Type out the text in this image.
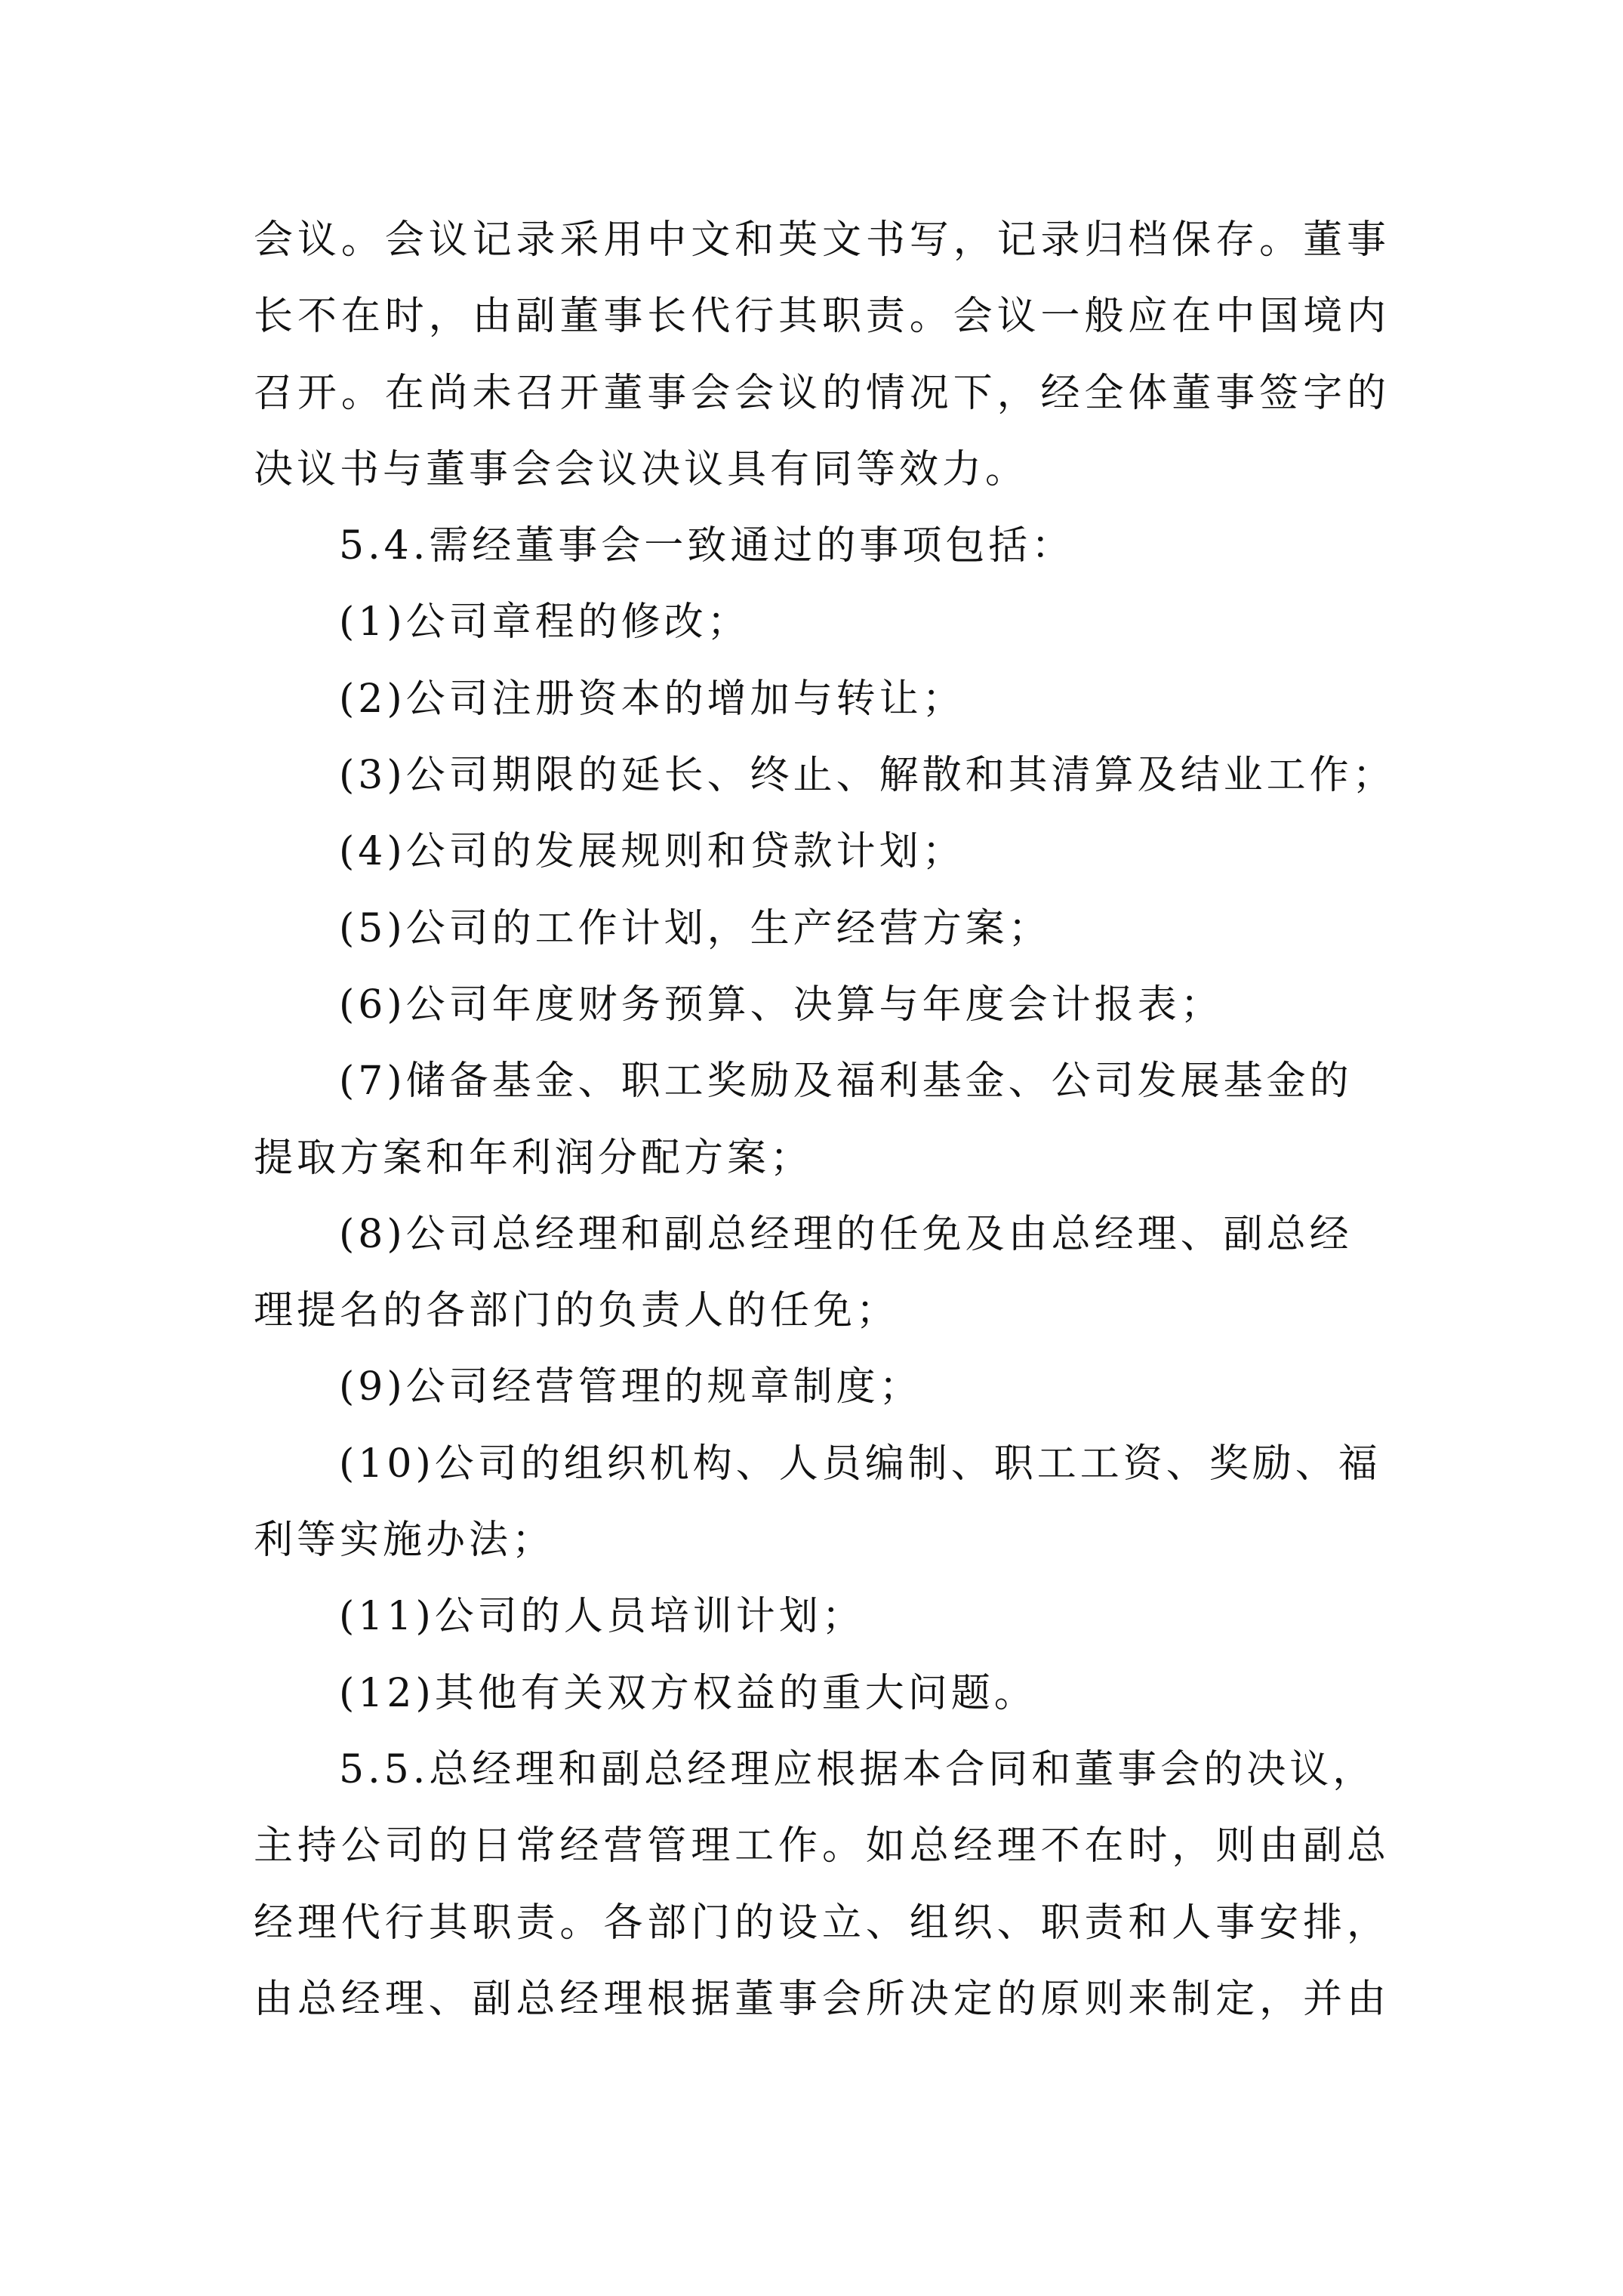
会议。会议记录采用中文和英文书写，记录归档保存。董事
长不在时，由副董事长代行其职责。会议一般应在中国境内
召开。在尚未召开董事会会议的情况下，经全体董事签字的
决议书与董事会会议决议具有同等效力。
5.4.需经董事会一致通过的事项包括：
(1)公司章程的修改；
(2)公司注册资本的增加与转让；
(3)公司期限的延长、终止、解散和其清算及结业工作；
(4)公司的发展规则和贷款计划；
(5)公司的工作计划，生产经营方案；
(6)公司年度财务预算、决算与年度会计报表；
(7)储备基金、职工奖励及福利基金、公司发展基金的
提取方案和年利润分配方案；
(8)公司总经理和副总经理的任免及由总经理、副总经
理提名的各部门的负责人的任免；
(9)公司经营管理的规章制度；
(10)公司的组织机构、人员编制、职工工资、奖励、福
利等实施办法；
(11)公司的人员培训计划；
(12)其他有关双方权益的重大问题。
5.5.总经理和副总经理应根据本合同和董事会的决议，
主持公司的日常经营管理工作。如总经理不在时，则由副总
经理代行其职责。各部门的设立、组织、职责和人事安排，
由总经理、副总经理根据董事会所决定的原则来制定，并由
